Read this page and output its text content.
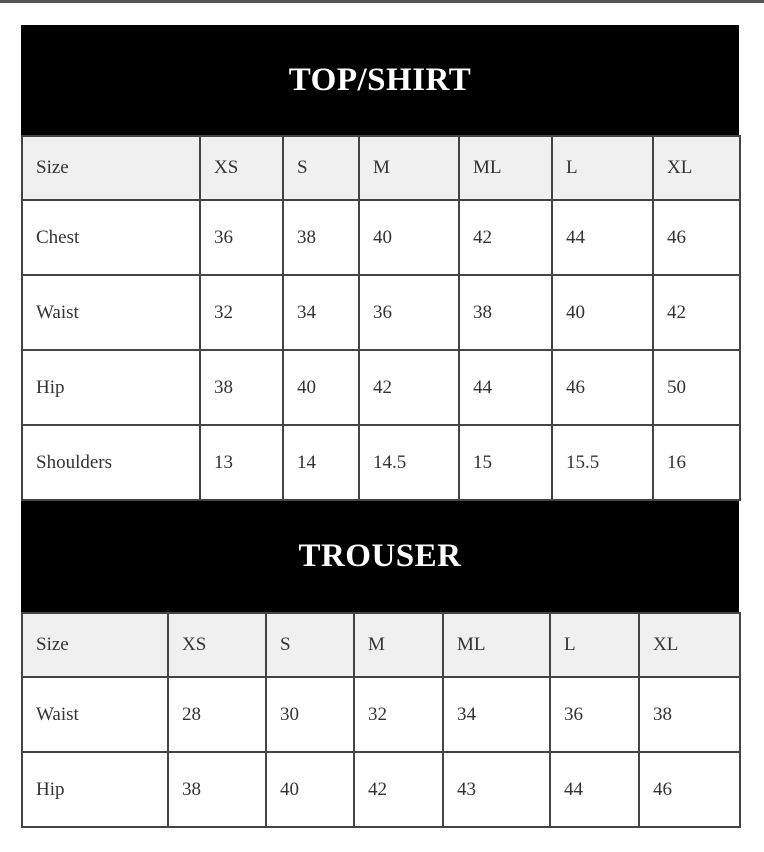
TOP/SHIRT
Size	XS	S	M	ML	L	XL
Chest	36	38	40	42	44	46
Waist	32	34	36	38	40	42
Hip	38	40	42	44	46	50
Shoulders	13	14	14.5	15	15.5	16
TROUSER
Size	XS	S	M	ML	L	XL
Waist	28	30	32	34	36	38
Hip	38	40	42	43	44	46
